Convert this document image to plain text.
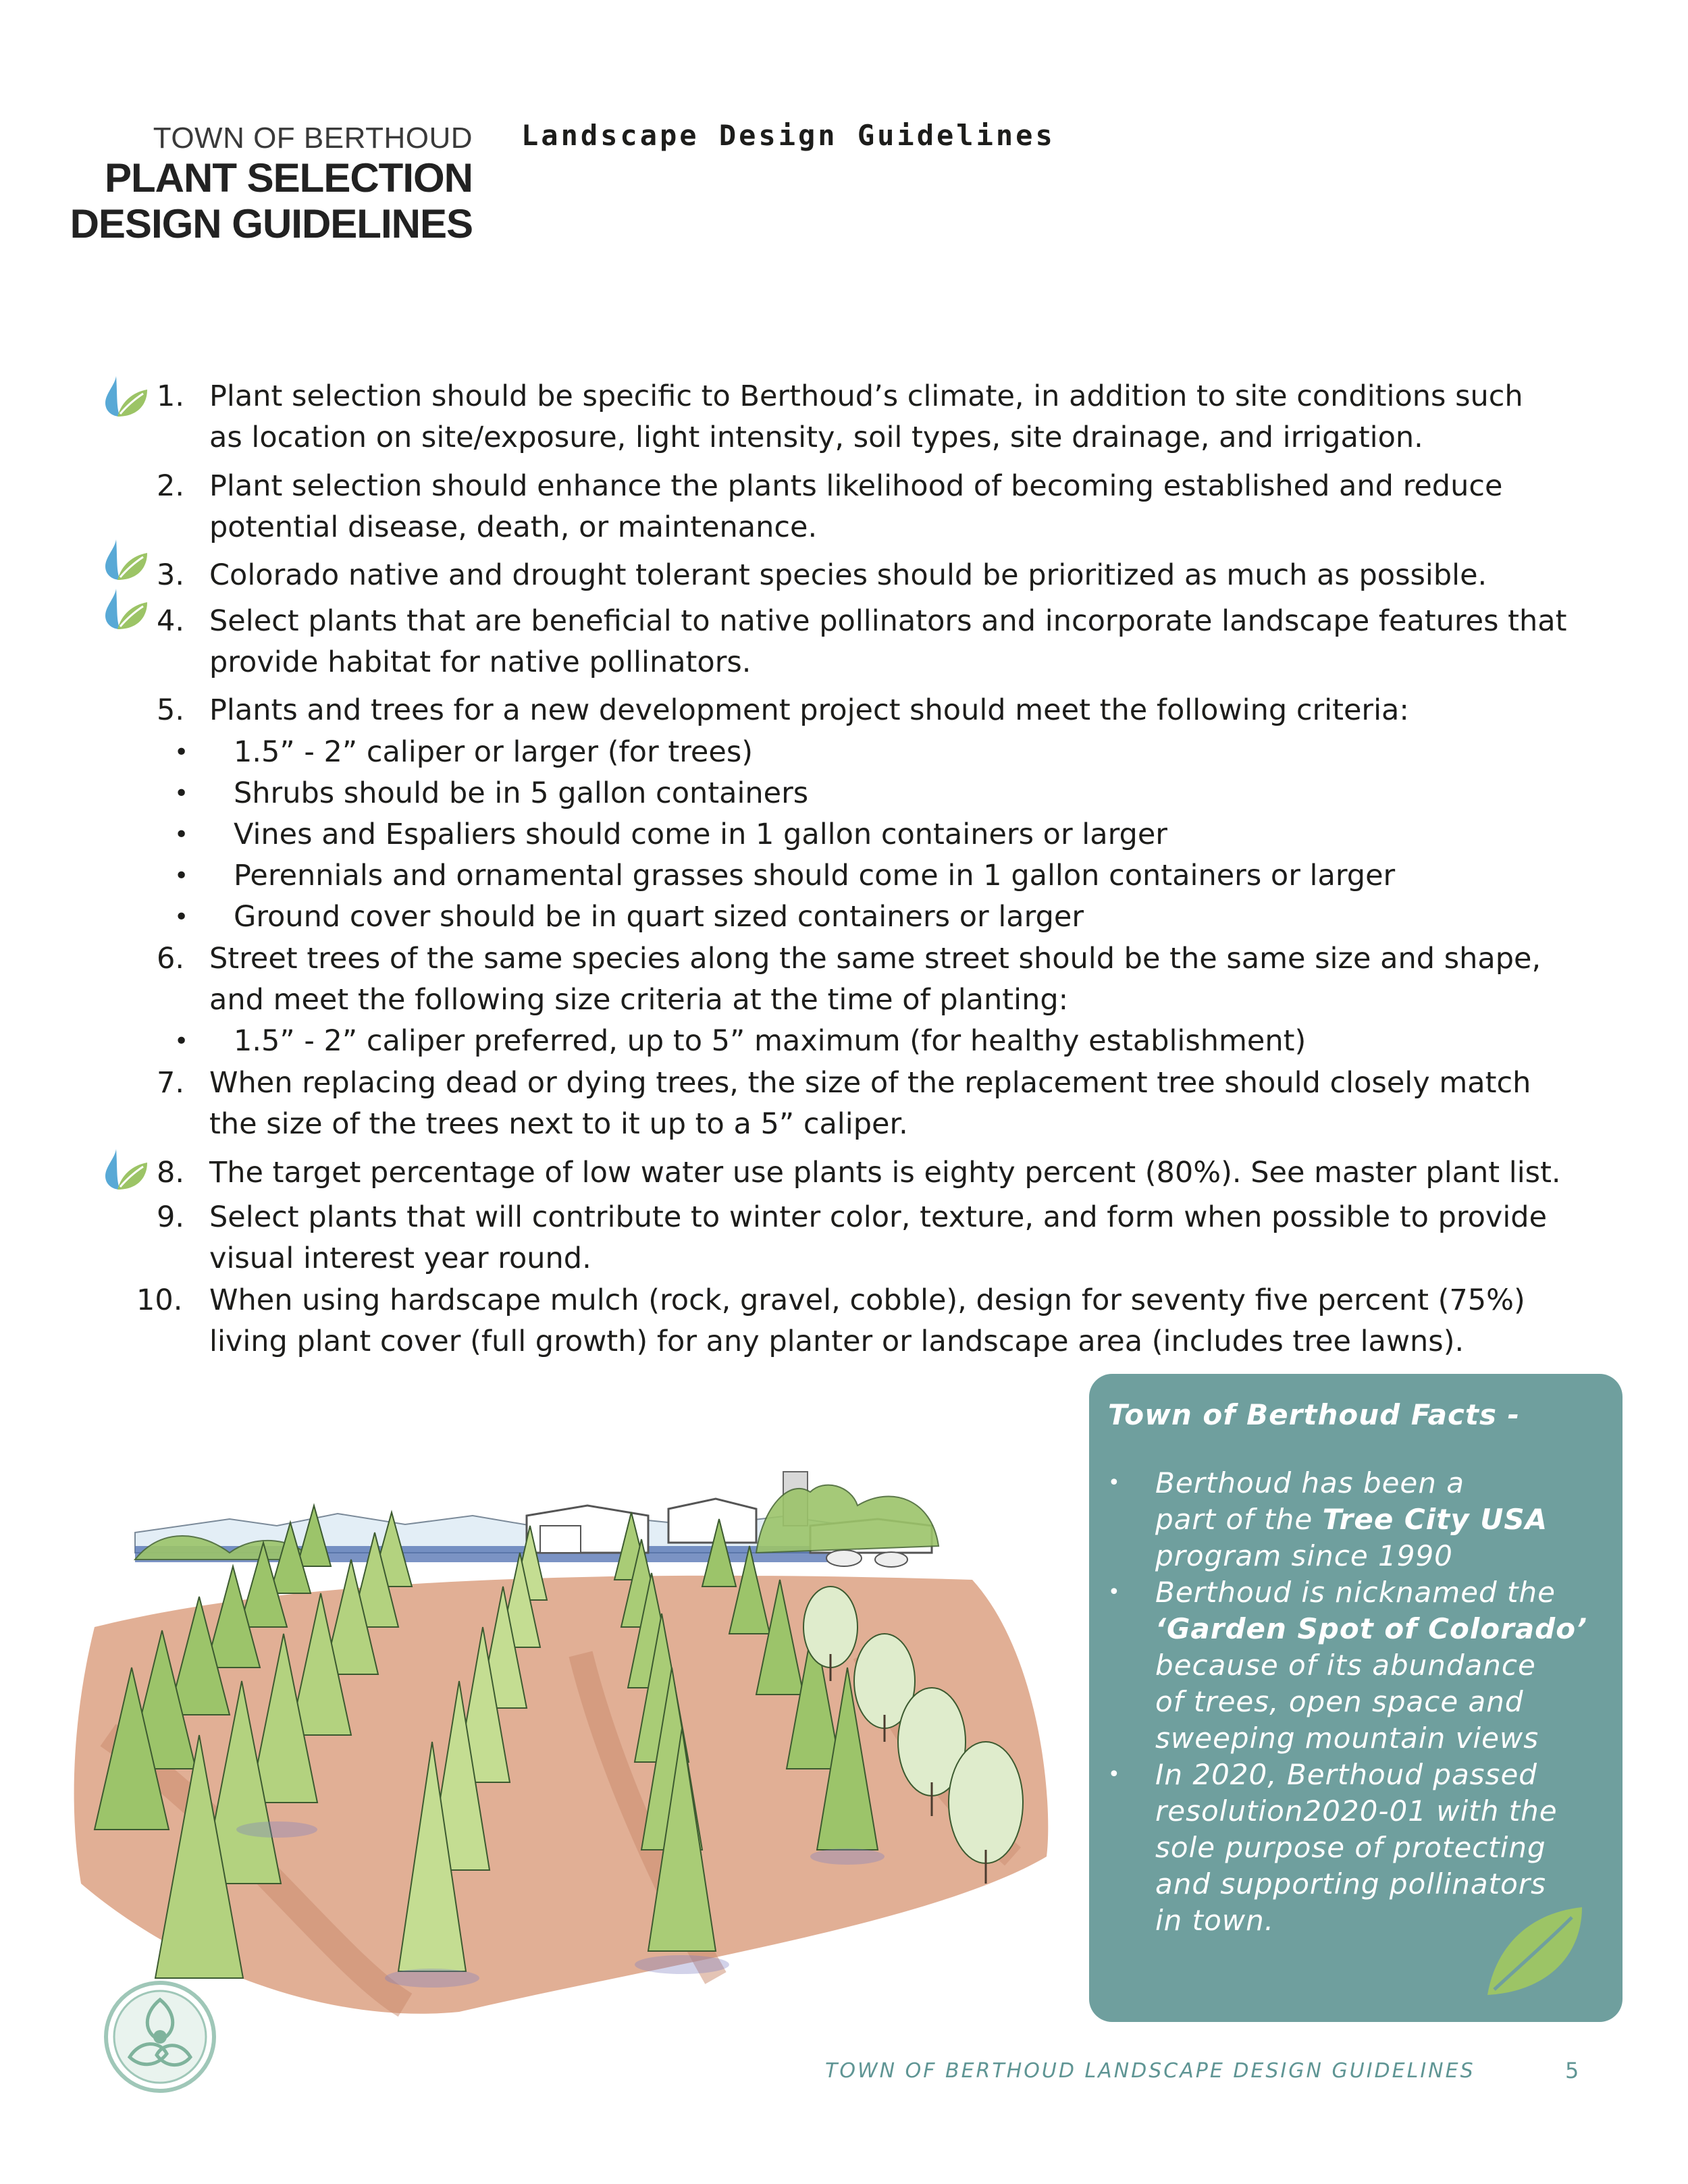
TOWN OF BERTHOUD
PLANT SELECTION
DESIGN GUIDELINES
Landscape Design Guidelines
1. Plant selection should be specific to Berthoud’s climate, in addition to site conditions such
as location on site/exposure, light intensity, soil types, site drainage, and irrigation.
2. Plant selection should enhance the plants likelihood of becoming established and reduce
potential disease, death, or maintenance.
3. Colorado native and drought tolerant species should be prioritized as much as possible.
4. Select plants that are beneficial to native pollinators and incorporate landscape features that
provide habitat for native pollinators.
5. Plants and trees for a new development project should meet the following criteria:
• 1.5” - 2” caliper or larger (for trees)
• Shrubs should be in 5 gallon containers
• Vines and Espaliers should come in 1 gallon containers or larger
• Perennials and ornamental grasses should come in 1 gallon containers or larger
• Ground cover should be in quart sized containers or larger
6. Street trees of the same species along the same street should be the same size and shape,
and meet the following size criteria at the time of planting:
• 1.5” - 2” caliper preferred, up to 5” maximum (for healthy establishment)
7. When replacing dead or dying trees, the size of the replacement tree should closely match
the size of the trees next to it up to a 5” caliper.
8. The target percentage of low water use plants is eighty percent (80%). See master plant list.
9. Select plants that will contribute to winter color, texture, and form when possible to provide
visual interest year round.
10. When using hardscape mulch (rock, gravel, cobble), design for seventy five percent (75%)
living plant cover (full growth) for any planter or landscape area (includes tree lawns).
Town of Berthoud Facts -
• Berthoud has been a
part of the Tree City USA
program since 1990
• Berthoud is nicknamed the
‘Garden Spot of Colorado’
because of its abundance
of trees, open space and
sweeping mountain views
• In 2020, Berthoud passed
resolution2020-01 with the
sole purpose of protecting
and supporting pollinators
in town.
TOWN OF BERTHOUD LANDSCAPE DESIGN GUIDELINES	5
